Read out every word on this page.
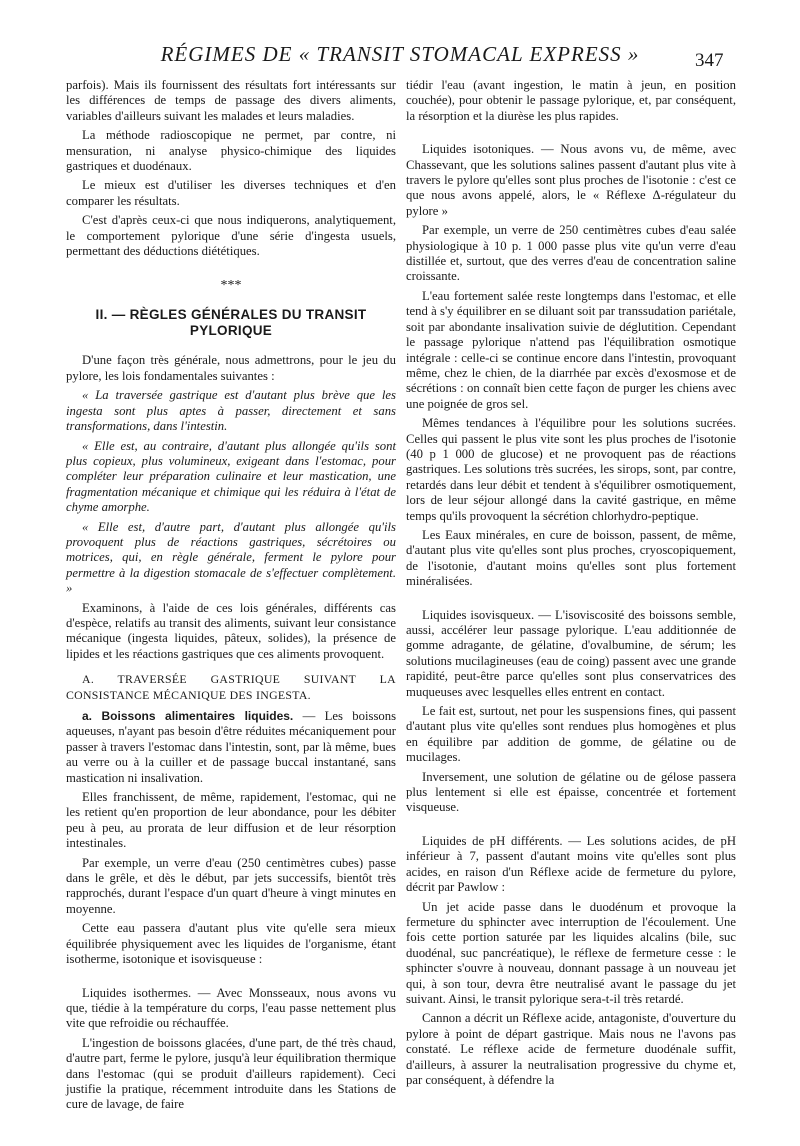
RÉGIMES DE « TRANSIT STOMACAL EXPRESS »	347

parfois). Mais ils fournissent des résultats fort intéressants sur les différences de temps de passage des divers aliments, variables d'ailleurs suivant les malades et leurs maladies.

La méthode radioscopique ne permet, par contre, ni mensuration, ni analyse physico-chimique des liquides gastriques et duodénaux.

Le mieux est d'utiliser les diverses techniques et d'en comparer les résultats.

C'est d'après ceux-ci que nous indiquerons, analytiquement, le comportement pylorique d'une série d'ingesta usuels, permettant des déductions diététiques.

***
II. — RÈGLES GÉNÉRALES DU TRANSIT PYLORIQUE

D'une façon très générale, nous admettrons, pour le jeu du pylore, les lois fondamentales suivantes :

« La traversée gastrique est d'autant plus brève que les ingesta sont plus aptes à passer, directement et sans transformations, dans l'intestin.

« Elle est, au contraire, d'autant plus allongée qu'ils sont plus copieux, plus volumineux, exigeant dans l'estomac, pour compléter leur préparation culinaire et leur mastication, une fragmentation mécanique et chimique qui les réduira à l'état de chyme amorphe.

« Elle est, d'autre part, d'autant plus allongée qu'ils provoquent plus de réactions gastriques, sécrétoires ou motrices, qui, en règle générale, ferment le pylore pour permettre à la digestion stomacale de s'effectuer complètement. »

Examinons, à l'aide de ces lois générales, différents cas d'espèce, relatifs au transit des aliments, suivant leur consistance mécanique (ingesta liquides, pâteux, solides), la présence de lipides et les réactions gastriques que ces aliments provoquent.

A. TRAVERSÉE GASTRIQUE SUIVANT LA CONSISTANCE MÉCANIQUE DES INGESTA.

a. Boissons alimentaires liquides. — Les boissons aqueuses, n'ayant pas besoin d'être réduites mécaniquement pour passer à travers l'estomac dans l'intestin, sont, par là même, bues au verre ou à la cuiller et de passage buccal instantané, sans mastication ni insalivation.

Elles franchissent, de même, rapidement, l'estomac, qui ne les retient qu'en proportion de leur abondance, pour les débiter peu à peu, au prorata de leur diffusion et de leur résorption intestinales.

Par exemple, un verre d'eau (250 centimètres cubes) passe dans le grêle, et dès le début, par jets successifs, bientôt très rapprochés, durant l'espace d'un quart d'heure à vingt minutes en moyenne.

Cette eau passera d'autant plus vite qu'elle sera mieux équilibrée physiquement avec les liquides de l'organisme, étant isotherme, isotonique et isovisqueuse :

Liquides isothermes. — Avec Monsseaux, nous avons vu que, tiédie à la température du corps, l'eau passe nettement plus vite que refroidie ou réchauffée.

L'ingestion de boissons glacées, d'une part, de thé très chaud, d'autre part, ferme le pylore, jusqu'à leur équilibration thermique dans l'estomac (qui se produit d'ailleurs rapidement). Ceci justifie la pratique, récemment introduite dans les Stations de cure de lavage, de faire

tiédir l'eau (avant ingestion, le matin à jeun, en position couchée), pour obtenir le passage pylorique, et, par conséquent, la résorption et la diurèse les plus rapides.

Liquides isotoniques. — Nous avons vu, de même, avec Chassevant, que les solutions salines passent d'autant plus vite à travers le pylore qu'elles sont plus proches de l'isotonie : c'est ce que nous avons appelé, alors, le « Réflexe Δ-régulateur du pylore »

Par exemple, un verre de 250 centimètres cubes d'eau salée physiologique à 10 p. 1 000 passe plus vite qu'un verre d'eau distillée et, surtout, que des verres d'eau de concentration saline croissante.

L'eau fortement salée reste longtemps dans l'estomac, et elle tend à s'y équilibrer en se diluant soit par transsudation pariétale, soit par abondante insalivation suivie de déglutition. Cependant le passage pylorique n'attend pas l'équilibration osmotique intégrale : celle-ci se continue encore dans l'intestin, provoquant même, chez le chien, de la diarrhée par excès d'exosmose et de sécrétions : on connaît bien cette façon de purger les chiens avec une poignée de gros sel.

Mêmes tendances à l'équilibre pour les solutions sucrées. Celles qui passent le plus vite sont les plus proches de l'isotonie (40 p 1 000 de glucose) et ne provoquent pas de réactions gastriques. Les solutions très sucrées, les sirops, sont, par contre, retardés dans leur débit et tendent à s'équilibrer osmotiquement, lors de leur séjour allongé dans la cavité gastrique, en même temps qu'ils provoquent la sécrétion chlorhydro-peptique.

Les Eaux minérales, en cure de boisson, passent, de même, d'autant plus vite qu'elles sont plus proches, cryoscopiquement, de l'isotonie, d'autant moins qu'elles sont plus fortement minéralisées.

Liquides isovisqueux. — L'isoviscosité des boissons semble, aussi, accélérer leur passage pylorique. L'eau additionnée de gomme adragante, de gélatine, d'ovalbumine, de sérum; les solutions mucilagineuses (eau de coing) passent avec une grande rapidité, peut-être parce qu'elles sont plus conservatrices des muqueuses avec lesquelles elles entrent en contact.

Le fait est, surtout, net pour les suspensions fines, qui passent d'autant plus vite qu'elles sont rendues plus homogènes et plus en équilibre par addition de gomme, de gélatine ou de mucilages.

Inversement, une solution de gélatine ou de gélose passera plus lentement si elle est épaisse, concentrée et fortement visqueuse.

Liquides de pH différents. — Les solutions acides, de pH inférieur à 7, passent d'autant moins vite qu'elles sont plus acides, en raison d'un Réflexe acide de fermeture du pylore, décrit par Pawlow :

Un jet acide passe dans le duodénum et provoque la fermeture du sphincter avec interruption de l'écoulement. Une fois cette portion saturée par les liquides alcalins (bile, suc duodénal, suc pancréatique), le réflexe de fermeture cesse : le sphincter s'ouvre à nouveau, donnant passage à un nouveau jet qui, à son tour, devra être neutralisé avant le passage du jet suivant. Ainsi, le transit pylorique sera-t-il très retardé.

Cannon a décrit un Réflexe acide, antagoniste, d'ouverture du pylore à point de départ gastrique. Mais nous ne l'avons pas constaté. Le réflexe acide de fermeture duodénale suffit, d'ailleurs, à assurer la neutralisation progressive du chyme et, par conséquent, à défendre la
